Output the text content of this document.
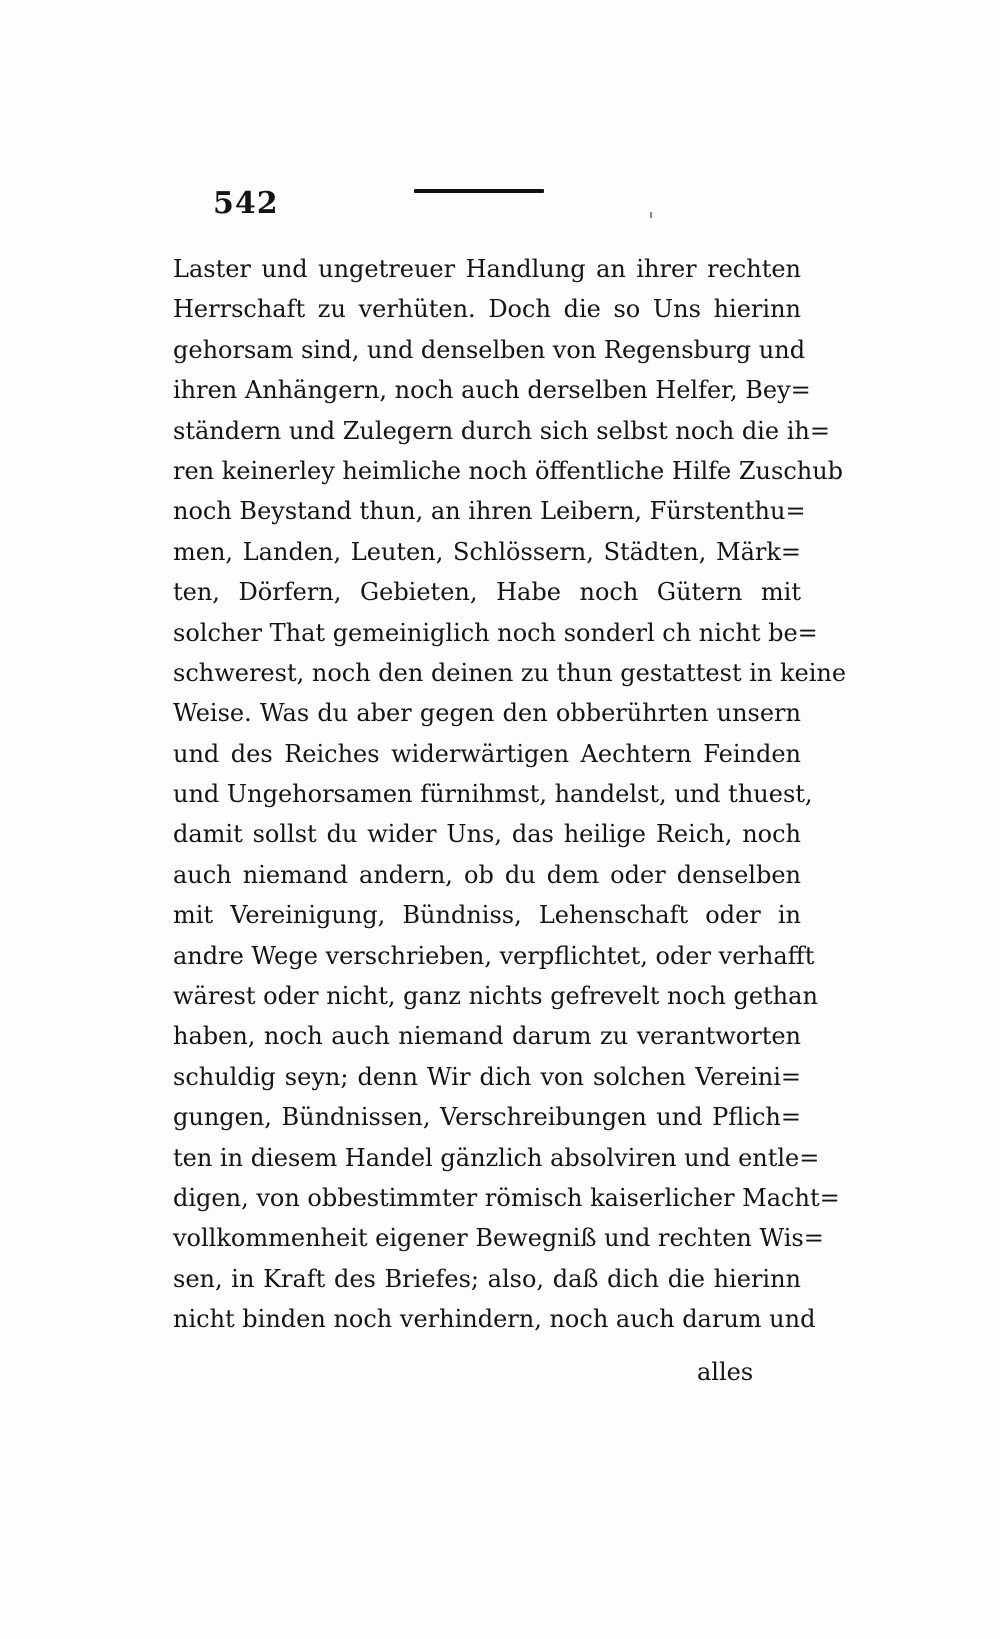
542
Laster und ungetreuer Handlung an ihrer rechten
Herrschaft zu verhüten. Doch die so Uns hierinn
gehorsam sind, und denselben von Regensburg und
ihren Anhängern, noch auch derselben Helfer, Bey=
ständern und Zulegern durch sich selbst noch die ih=
ren keinerley heimliche noch öffentliche Hilfe Zuschub
noch Beystand thun, an ihren Leibern, Fürstenthu=
men, Landen, Leuten, Schlössern, Städten, Märk=
ten, Dörfern, Gebieten, Habe noch Gütern mit
solcher That gemeiniglich noch sonderl ch nicht be=
schwerest, noch den deinen zu thun gestattest in keine
Weise. Was du aber gegen den obberührten unsern
und des Reiches widerwärtigen Aechtern Feinden
und Ungehorsamen fürnihmst, handelst, und thuest,
damit sollst du wider Uns, das heilige Reich, noch
auch niemand andern, ob du dem oder denselben
mit Vereinigung, Bündniss, Lehenschaft oder in
andre Wege verschrieben, verpflichtet, oder verhafft
wärest oder nicht, ganz nichts gefrevelt noch gethan
haben, noch auch niemand darum zu verantworten
schuldig seyn; denn Wir dich von solchen Vereini=
gungen, Bündnissen, Verschreibungen und Pflich=
ten in diesem Handel gänzlich absolviren und entle=
digen, von obbestimmter römisch kaiserlicher Macht=
vollkommenheit eigener Bewegniß und rechten Wis=
sen, in Kraft des Briefes; also, daß dich die hierinn
nicht binden noch verhindern, noch auch darum und
alles
